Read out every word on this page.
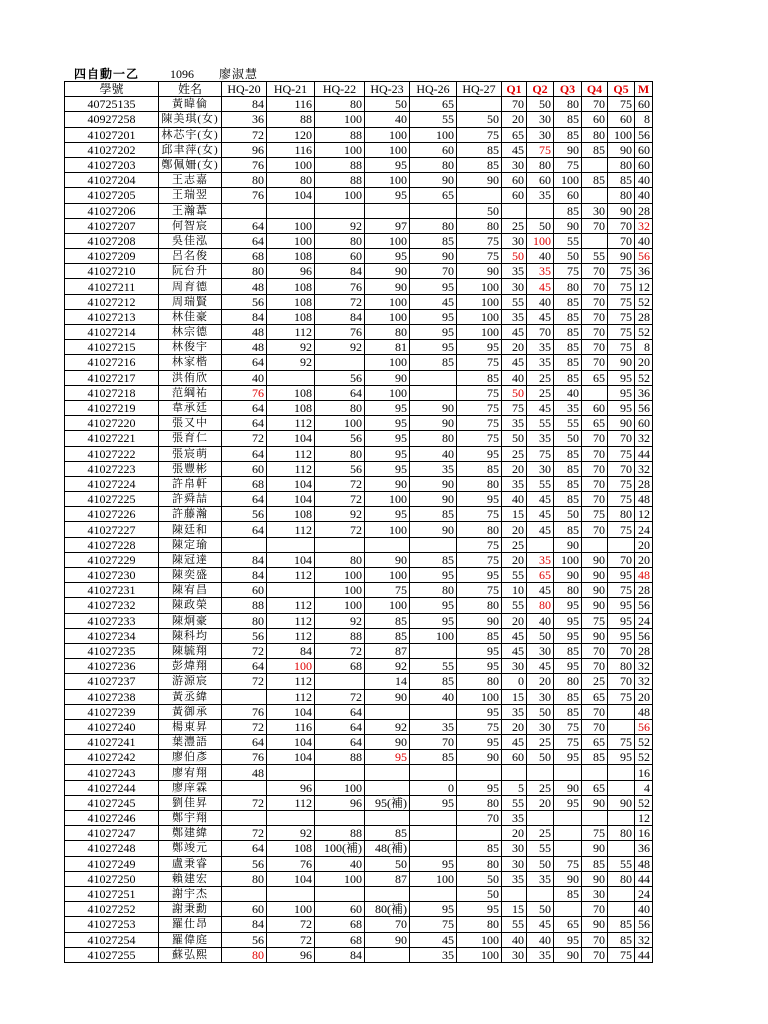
四自動一乙	1096 廖淑慧
學號	姓名	HQ-20	HQ-21	HQ-22	HQ-23	HQ-26	HQ-27	Q1	Q2	Q3	Q4	Q5	M
40725135	黃暐倫	84	116	80	50	65		70	50	80	70	75	60
40927258	陳美琪(女)	36	88	100	40	55	50	20	30	85	60	60	8
41027201	林芯宇(女)	72	120	88	100	100	75	65	30	85	80	100	56
41027202	邱聿萍(女)	96	116	100	100	60	85	45	75	90	85	90	60
41027203	鄭佩姍(女)	76	100	88	95	80	85	30	80	75		80	60
41027204	王志嘉	80	80	88	100	90	90	60	60	100	85	85	40
41027205	王瑞翌	76	104	100	95	65		60	35	60		80	40
41027206	王瀚葦						50			85	30	90	28
41027207	何智宸	64	100	92	97	80	80	25	50	90	70	70	32
41027208	吳佳泓	64	100	80	100	85	75	30	100	55		70	40
41027209	呂名俊	68	108	60	95	90	75	50	40	50	55	90	56
41027210	阮台升	80	96	84	90	70	90	35	35	75	70	75	36
41027211	周育德	48	108	76	90	95	100	30	45	80	70	75	12
41027212	周瑞賢	56	108	72	100	45	100	55	40	85	70	75	52
41027213	林佳豪	84	108	84	100	95	100	35	45	85	70	75	28
41027214	林宗德	48	112	76	80	95	100	45	70	85	70	75	52
41027215	林俊宇	48	92	92	81	95	95	20	35	85	70	75	8
41027216	林家楷	64	92		100	85	75	45	35	85	70	90	20
41027217	洪侑欣	40		56	90		85	40	25	85	65	95	52
41027218	范綱祐	76	108	64	100		75	50	25	40		95	36
41027219	韋承廷	64	108	80	95	90	75	75	45	35	60	95	56
41027220	張又中	64	112	100	95	90	75	35	55	55	65	90	60
41027221	張育仁	72	104	56	95	80	75	50	35	50	70	70	32
41027222	張宸萌	64	112	80	95	40	95	25	75	85	70	75	44
41027223	張豐彬	60	112	56	95	35	85	20	30	85	70	70	32
41027224	許帛軒	68	104	72	90	90	80	35	55	85	70	75	28
41027225	許舜喆	64	104	72	100	90	95	40	45	85	70	75	48
41027226	許藤瀚	56	108	92	95	85	75	15	45	50	75	80	12
41027227	陳廷和	64	112	72	100	90	80	20	45	85	70	75	24
41027228	陳定瑜						75	25		90			20
41027229	陳冠達	84	104	80	90	85	75	20	35	100	90	70	20
41027230	陳奕盛	84	112	100	100	95	95	55	65	90	90	95	48
41027231	陳宥昌	60		100	75	80	75	10	45	80	90	75	28
41027232	陳政榮	88	112	100	100	95	80	55	80	95	90	95	56
41027233	陳炯豪	80	112	92	85	95	90	20	40	95	75	95	24
41027234	陳科均	56	112	88	85	100	85	45	50	95	90	95	56
41027235	陳毓翔	72	84	72	87		95	45	30	85	70	70	28
41027236	彭煒翔	64	100	68	92	55	95	30	45	95	70	80	32
41027237	游源宸	72	112		14	85	80	0	20	80	25	70	32
41027238	黃丞緯		112	72	90	40	100	15	30	85	65	75	20
41027239	黃御承	76	104	64			95	35	50	85	70		48
41027240	楊東昇	72	116	64	92	35	75	20	30	75	70		56
41027241	葉灃語	64	104	64	90	70	95	45	25	75	65	75	52
41027242	廖伯彥	76	104	88	95	85	90	60	50	95	85	95	52
41027243	廖宥翔	48											16
41027244	廖庠霖		96	100		0	95	5	25	90	65		4
41027245	劉佳昇	72	112	96	95(補)	95	80	55	20	95	90	90	52
41027246	鄭宇翔						70	35					12
41027247	鄭建緯	72	92	88	85			20	25		75	80	16
41027248	鄭竣元	64	108	100(補)	48(補)		85	30	55		90		36
41027249	盧秉睿	56	76	40	50	95	80	30	50	75	85	55	48
41027250	賴建宏	80	104	100	87	100	50	35	35	90	90	80	44
41027251	謝宇杰						50			85	30		24
41027252	謝秉勳	60	100	60	80(補)	95	95	15	50		70		40
41027253	羅仕昂	84	72	68	70	75	80	55	45	65	90	85	56
41027254	羅偉庭	56	72	68	90	45	100	40	40	95	70	85	32
41027255	蘇弘熙	80	96	84		35	100	30	35	90	70	75	44
